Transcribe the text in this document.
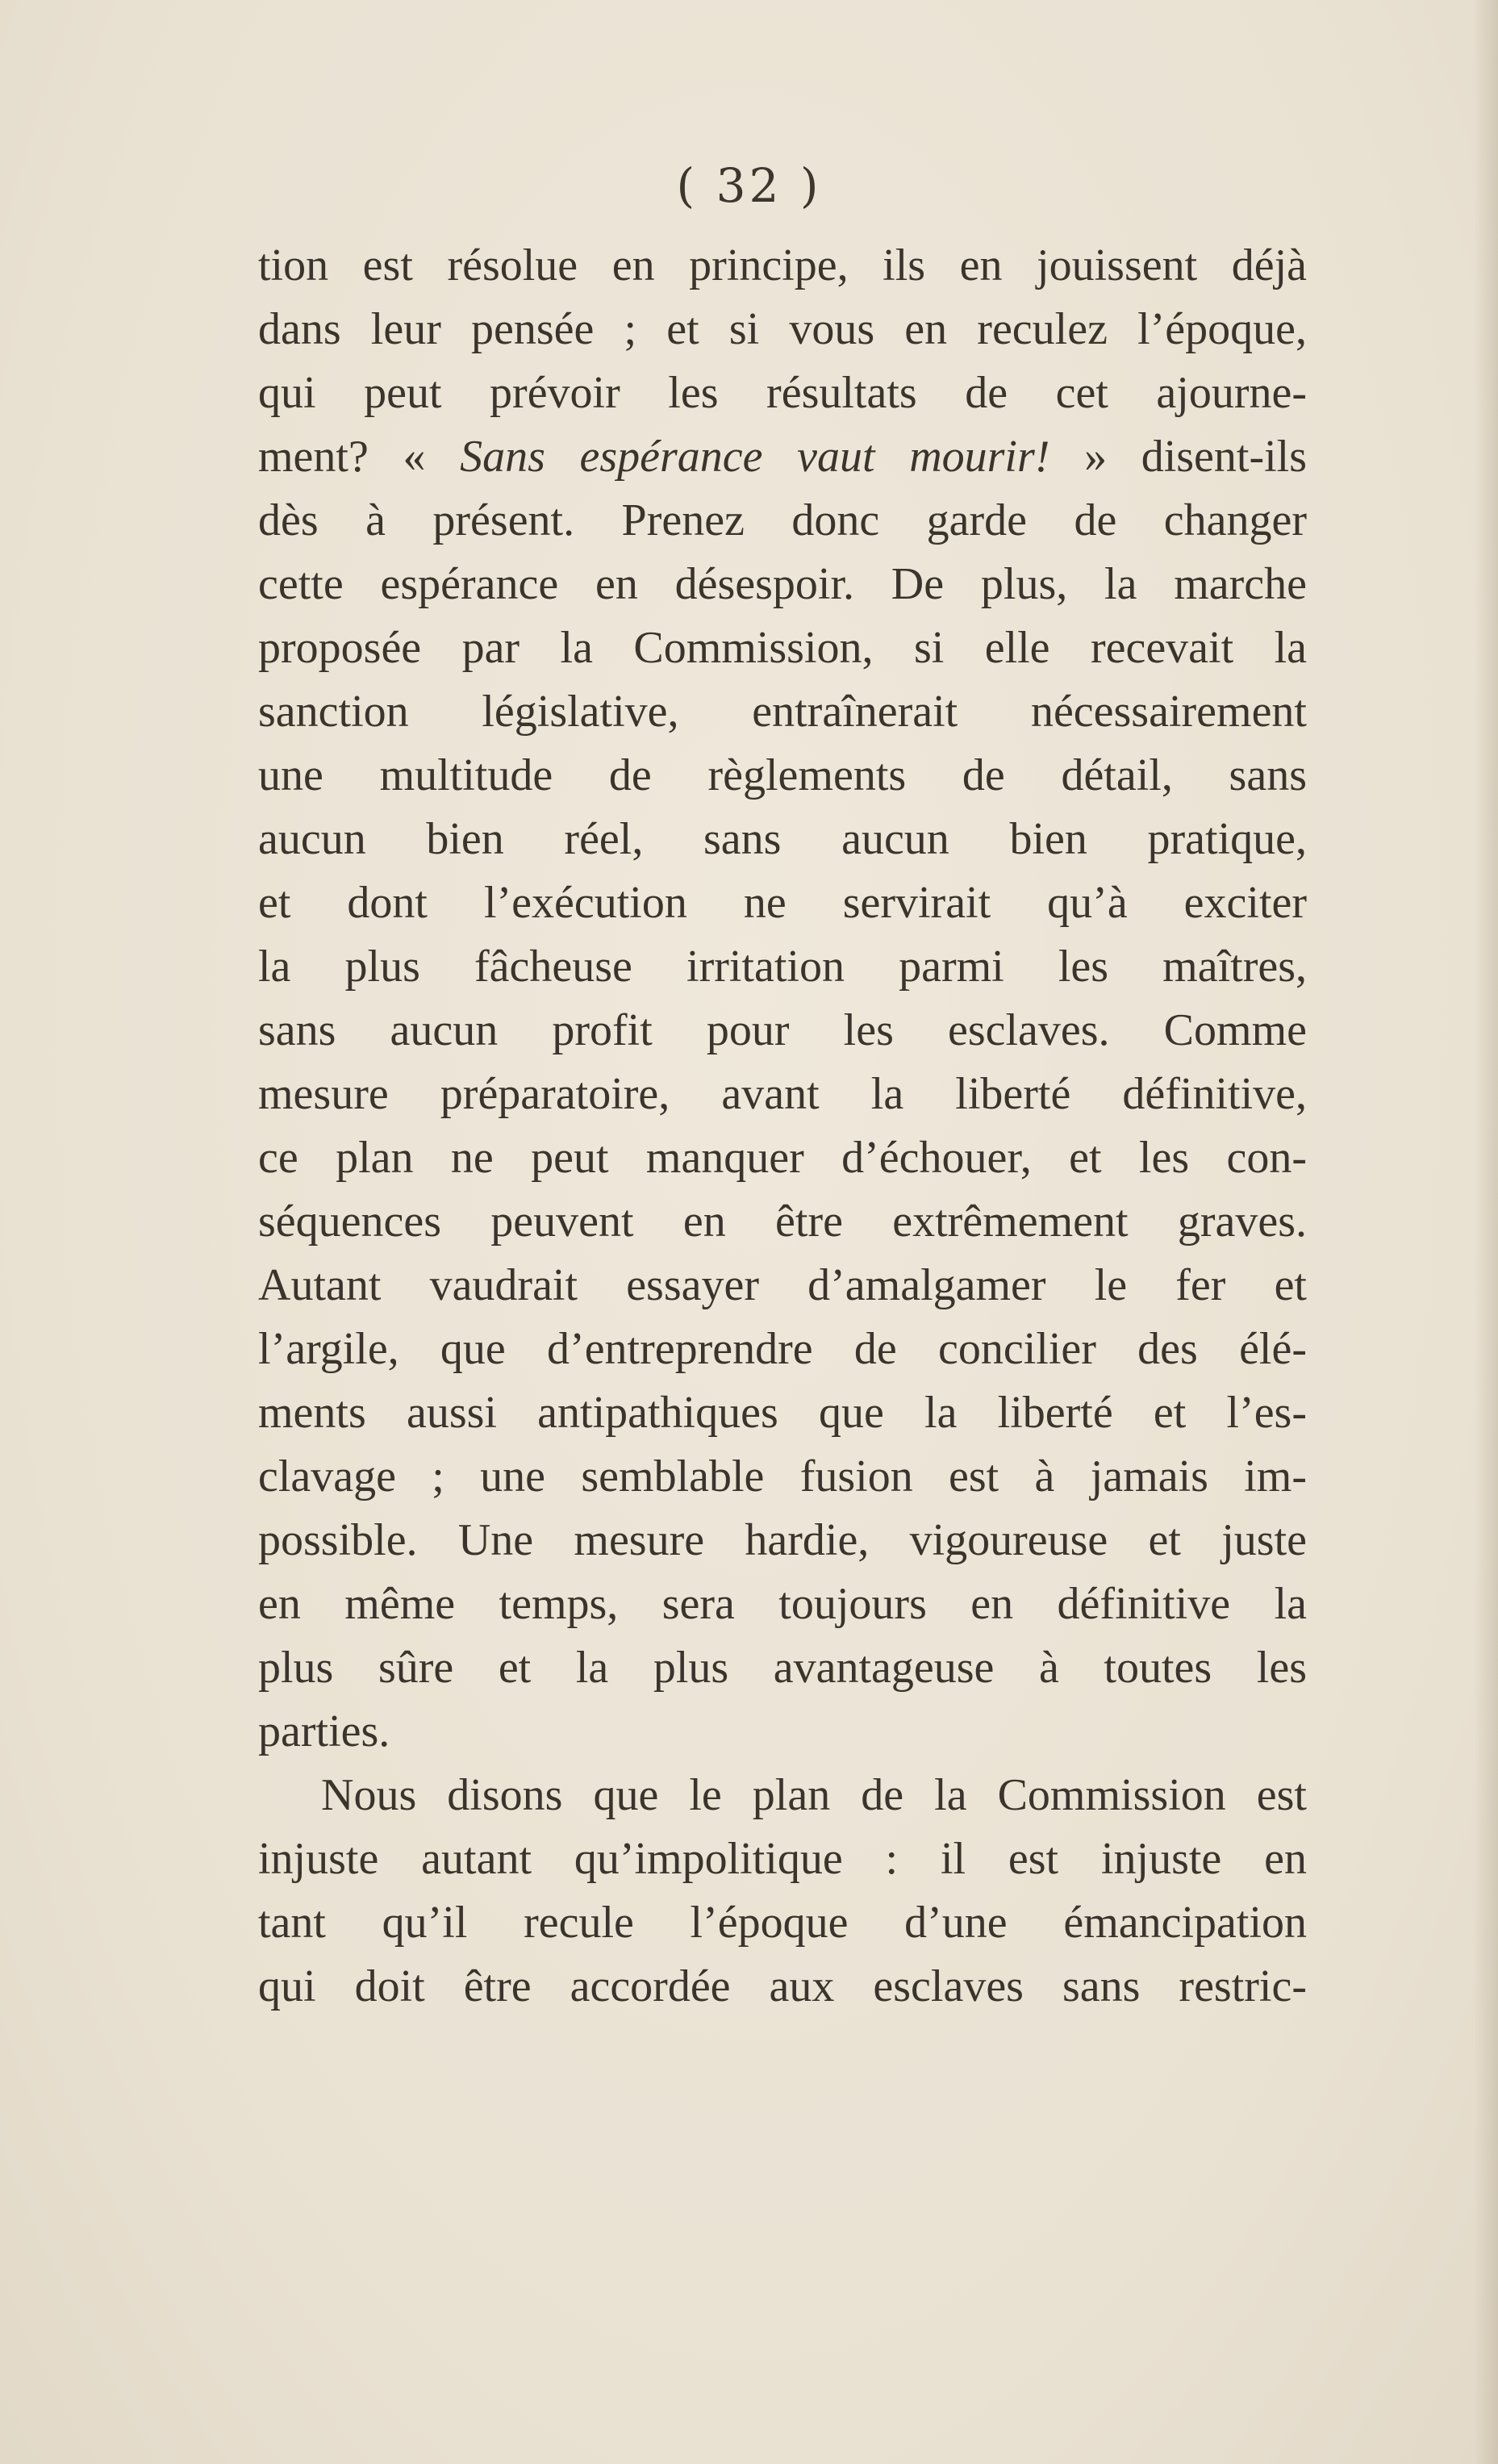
( 32 )
tion est résolue en principe, ils en jouissent déjà
dans leur pensée ; et si vous en reculez l’époque,
qui peut prévoir les résultats de cet ajourne-
ment? « Sans espérance vaut mourir! » disent-ils
dès à présent. Prenez donc garde de changer
cette espérance en désespoir. De plus, la marche
proposée par la Commission, si elle recevait la
sanction législative, entraînerait nécessairement
une multitude de règlements de détail, sans
aucun bien réel, sans aucun bien pratique,
et dont l’exécution ne servirait qu’à exciter
la plus fâcheuse irritation parmi les maîtres,
sans aucun profit pour les esclaves. Comme
mesure préparatoire, avant la liberté définitive,
ce plan ne peut manquer d’échouer, et les con-
séquences peuvent en être extrêmement graves.
Autant vaudrait essayer d’amalgamer le fer et
l’argile, que d’entreprendre de concilier des élé-
ments aussi antipathiques que la liberté et l’es-
clavage ; une semblable fusion est à jamais im-
possible. Une mesure hardie, vigoureuse et juste
en même temps, sera toujours en définitive la
plus sûre et la plus avantageuse à toutes les
parties.
Nous disons que le plan de la Commission est
injuste autant qu’impolitique : il est injuste en
tant qu’il recule l’époque d’une émancipation
qui doit être accordée aux esclaves sans restric-
